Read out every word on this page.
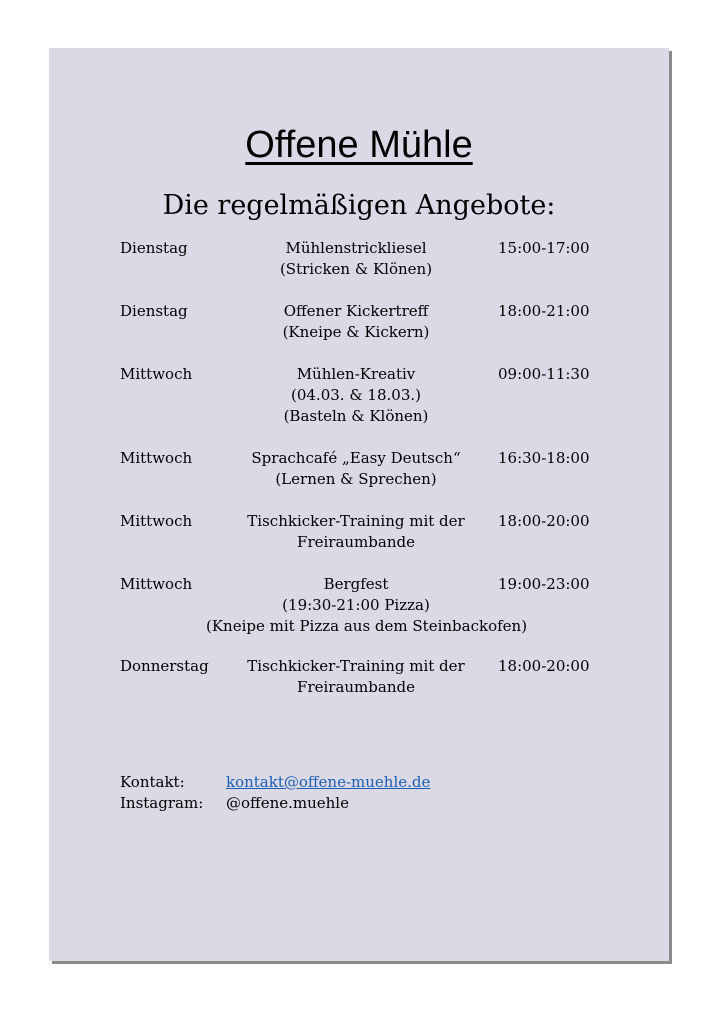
Offene Mühle
Die regelmäßigen Angebote:
Dienstag	Mühlenstrickliesel
(Stricken & Klönen)
15:00-17:00
Dienstag	Offener Kickertreff
(Kneipe & Kickern)
18:00-21:00
Mittwoch	Mühlen-Kreativ
(04.03. & 18.03.)
(Basteln & Klönen)
09:00-11:30
Mittwoch	Sprachcafé „Easy Deutsch“
(Lernen & Sprechen)
16:30-18:00
Mittwoch	Tischkicker-Training mit der
Freiraumbande
18:00-20:00
Mittwoch	Bergfest
(19:30-21:00 Pizza)
(Kneipe mit Pizza aus dem Steinbackofen)
19:00-23:00
Donnerstag	Tischkicker-Training mit der
Freiraumbande
18:00-20:00
Kontakt:	kontakt@offene-muehle.de
Instagram: @offene.muehle
